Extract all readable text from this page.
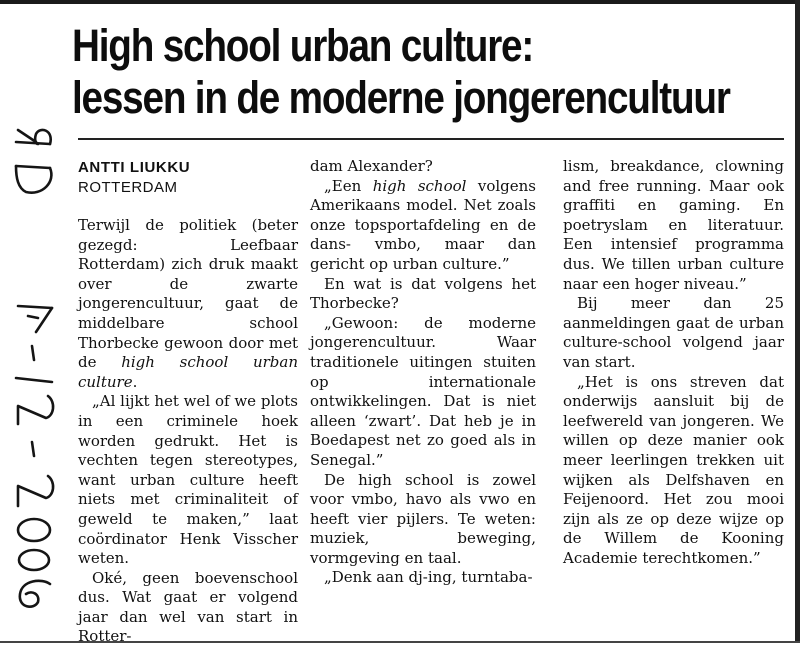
High school urban culture:
lessen in de moderne jongerencultuur
ANTTI LIUKKU
ROTTERDAM

Terwijl de politiek (beter gezegd: Leefbaar Rotterdam) zich druk maakt over de zwarte jongerencultuur, gaat de middelbare school Thorbecke gewoon door met de high school urban culture.

„Al lijkt het wel of we plots in een criminele hoek worden gedrukt. Het is vechten tegen stereotypes, want urban culture heeft niets met criminaliteit of geweld te maken,” laat coördinator Henk Visscher weten.

Oké, geen boevenschool dus. Wat gaat er volgend jaar dan wel van start in Rotter-

dam Alexander?

„Een high school volgens Amerikaans model. Net zoals onze topsportafdeling en de dans- vmbo, maar dan gericht op urban culture.”

En wat is dat volgens het Thorbecke?

„Gewoon: de moderne jongerencultuur. Waar traditionele uitingen stuiten op internationale ontwikkelingen. Dat is niet alleen ‘zwart’. Dat heb je in Boedapest net zo goed als in Senegal.”

De high school is zowel voor vmbo, havo als vwo en heeft vier pijlers. Te weten: muziek, beweging, vormgeving en taal.

„Denk aan dj-ing, turntaba-

lism, breakdance, clowning and free running. Maar ook graffiti en gaming. En poetryslam en literatuur. Een intensief programma dus. We tillen urban culture naar een hoger niveau.”

Bij meer dan 25 aanmeldingen gaat de urban culture-school volgend jaar van start.

„Het is ons streven dat onderwijs aansluit bij de leefwereld van jongeren. We willen op deze manier ook meer leerlingen trekken uit wijken als Delfshaven en Feijenoord. Het zou mooi zijn als ze op deze wijze op de Willem de Kooning Academie terechtkomen.”
